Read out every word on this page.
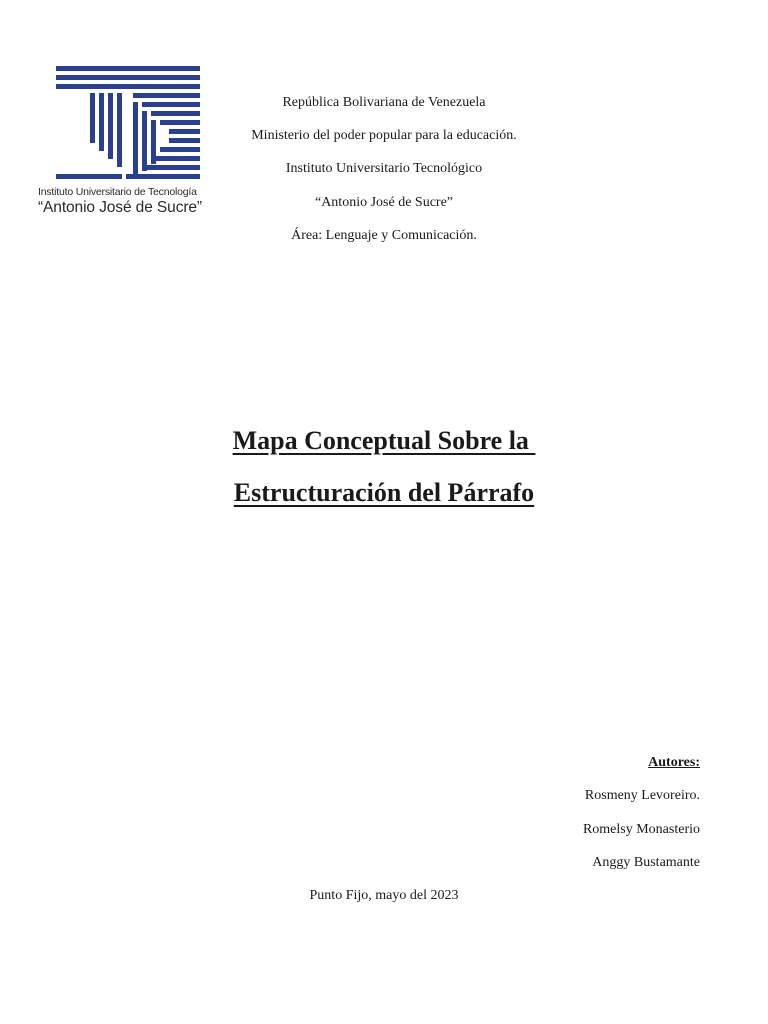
Instituto Universitario de Tecnología
“Antonio José de Sucre”
República Bolivariana de Venezuela
Ministerio del poder popular para la educación.
Instituto Universitario Tecnológico
“Antonio José de Sucre”
Área: Lenguaje y Comunicación.
Mapa Conceptual Sobre la
Estructuración del Párrafo
Autores:
Rosmeny Levoreiro.
Romelsy Monasterio
Anggy Bustamante
Punto Fijo, mayo del 2023
